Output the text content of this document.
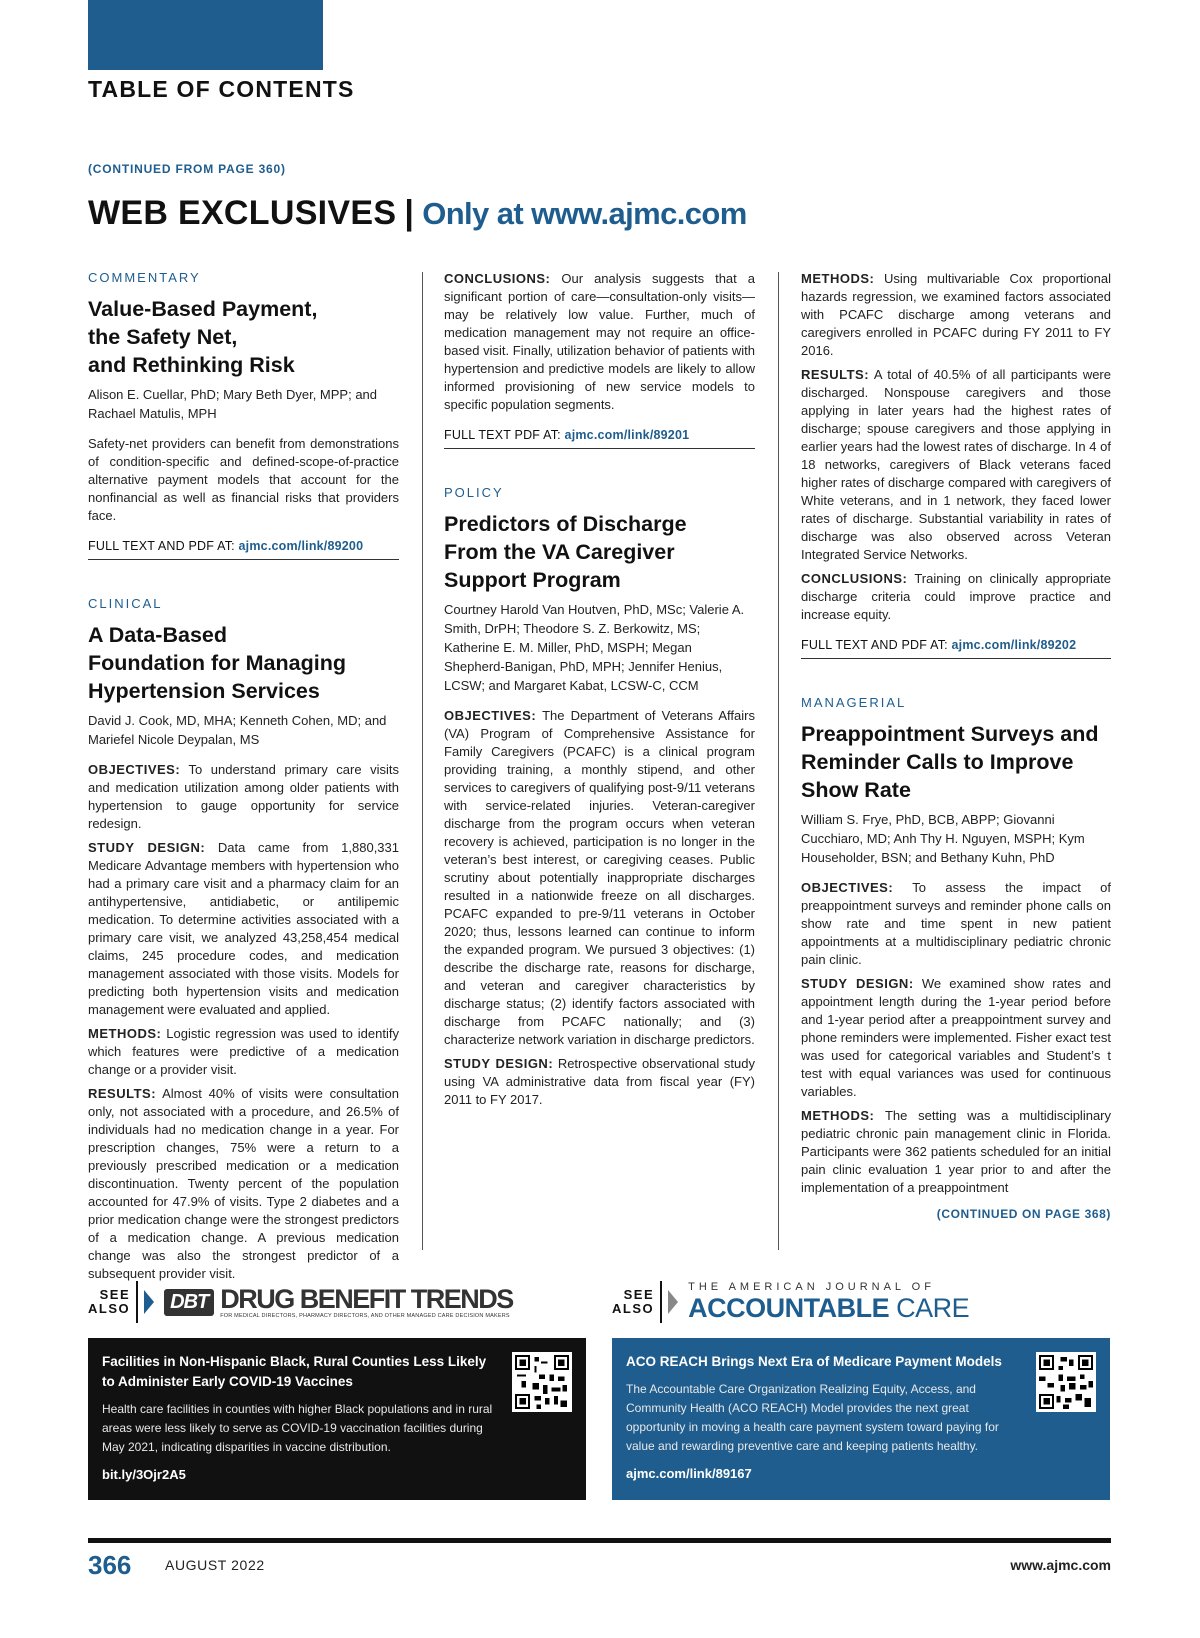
TABLE OF CONTENTS
(CONTINUED FROM PAGE 360)
WEB EXCLUSIVES | Only at www.ajmc.com
COMMENTARY
Value-Based Payment,
the Safety Net,
and Rethinking Risk
Alison E. Cuellar, PhD; Mary Beth Dyer, MPP; and Rachael Matulis, MPH

Safety-net providers can benefit from demonstrations of condition-specific and defined-scope-of-practice alternative payment models that account for the nonfinancial as well as financial risks that providers face.

FULL TEXT AND PDF AT: ajmc.com/link/89200
CLINICAL
A Data-Based
Foundation for Managing
Hypertension Services
David J. Cook, MD, MHA; Kenneth Cohen, MD; and Mariefel Nicole Deypalan, MS

OBJECTIVES: To understand primary care visits and medication utilization among older patients with hypertension to gauge opportunity for service redesign.

STUDY DESIGN: Data came from 1,880,331 Medicare Advantage members with hypertension who had a primary care visit and a pharmacy claim for an antihypertensive, antidiabetic, or antilipemic medication. To determine activities associated with a primary care visit, we analyzed 43,258,454 medical claims, 245 procedure codes, and medication management associated with those visits. Models for predicting both hypertension visits and medication management were evaluated and applied.

METHODS: Logistic regression was used to identify which features were predictive of a medication change or a provider visit.

RESULTS: Almost 40% of visits were consultation only, not associated with a procedure, and 26.5% of individuals had no medication change in a year. For prescription changes, 75% were a return to a previously prescribed medication or a medication discontinuation. Twenty percent of the population accounted for 47.9% of visits. Type 2 diabetes and a prior medication change were the strongest predictors of a medication change. A previous medication change was also the strongest predictor of a subsequent provider visit.

CONCLUSIONS: Our analysis suggests that a significant portion of care—consultation-only visits—may be relatively low value. Further, much of medication management may not require an office-based visit. Finally, utilization behavior of patients with hypertension and predictive models are likely to allow informed provisioning of new service models to specific population segments.

FULL TEXT PDF AT: ajmc.com/link/89201
POLICY
Predictors of Discharge
From the VA Caregiver
Support Program
Courtney Harold Van Houtven, PhD, MSc; Valerie A. Smith, DrPH; Theodore S. Z. Berkowitz, MS; Katherine E. M. Miller, PhD, MSPH; Megan Shepherd-Banigan, PhD, MPH; Jennifer Henius, LCSW; and Margaret Kabat, LCSW-C, CCM

OBJECTIVES: The Department of Veterans Affairs (VA) Program of Comprehensive Assistance for Family Caregivers (PCAFC) is a clinical program providing training, a monthly stipend, and other services to caregivers of qualifying post-9/11 veterans with service-related injuries. Veteran-caregiver discharge from the program occurs when veteran recovery is achieved, participation is no longer in the veteran’s best interest, or caregiving ceases. Public scrutiny about potentially inappropriate discharges resulted in a nationwide freeze on all discharges. PCAFC expanded to pre-9/11 veterans in October 2020; thus, lessons learned can continue to inform the expanded program. We pursued 3 objectives: (1) describe the discharge rate, reasons for discharge, and veteran and caregiver characteristics by discharge status; (2) identify factors associated with discharge from PCAFC nationally; and (3) characterize network variation in discharge predictors.

STUDY DESIGN: Retrospective observational study using VA administrative data from fiscal year (FY) 2011 to FY 2017.

METHODS: Using multivariable Cox proportional hazards regression, we examined factors associated with PCAFC discharge among veterans and caregivers enrolled in PCAFC during FY 2011 to FY 2016.

RESULTS: A total of 40.5% of all participants were discharged. Nonspouse caregivers and those applying in later years had the highest rates of discharge; spouse caregivers and those applying in earlier years had the lowest rates of discharge. In 4 of 18 networks, caregivers of Black veterans faced higher rates of discharge compared with caregivers of White veterans, and in 1 network, they faced lower rates of discharge. Substantial variability in rates of discharge was also observed across Veteran Integrated Service Networks.

CONCLUSIONS: Training on clinically appropriate discharge criteria could improve practice and increase equity.

FULL TEXT AND PDF AT: ajmc.com/link/89202
MANAGERIAL
Preappointment Surveys and
Reminder Calls to Improve
Show Rate
William S. Frye, PhD, BCB, ABPP; Giovanni Cucchiaro, MD; Anh Thy H. Nguyen, MSPH; Kym Householder, BSN; and Bethany Kuhn, PhD

OBJECTIVES: To assess the impact of preappointment surveys and reminder phone calls on show rate and time spent in new patient appointments at a multidisciplinary pediatric chronic pain clinic.

STUDY DESIGN: We examined show rates and appointment length during the 1-year period before and 1-year period after a preappointment survey and phone reminders were implemented. Fisher exact test was used for categorical variables and Student’s t test with equal variances was used for continuous variables.

METHODS: The setting was a multidisciplinary pediatric chronic pain management clinic in Florida. Participants were 362 patients scheduled for an initial pain clinic evaluation 1 year prior to and after the implementation of a preappointment

(CONTINUED ON PAGE 368)
SEE
ALSO	DBT DRUG BENEFIT TRENDS
FOR MEDICAL DIRECTORS, PHARMACY DIRECTORS, AND OTHER MANAGED CARE DECISION MAKERS
SEE
ALSO
THE AMERICAN JOURNAL OF
ACCOUNTABLE CARE
Facilities in Non-Hispanic Black, Rural Counties Less Likely to Administer Early COVID-19 Vaccines
Health care facilities in counties with higher Black populations and in rural areas were less likely to serve as COVID-19 vaccination facilities during May 2021, indicating disparities in vaccine distribution.
bit.ly/3Ojr2A5
ACO REACH Brings Next Era of Medicare Payment Models
The Accountable Care Organization Realizing Equity, Access, and Community Health (ACO REACH) Model provides the next great opportunity in moving a health care payment system toward paying for value and rewarding preventive care and keeping patients healthy.
ajmc.com/link/89167
366 AUGUST 2022	www.ajmc.com
